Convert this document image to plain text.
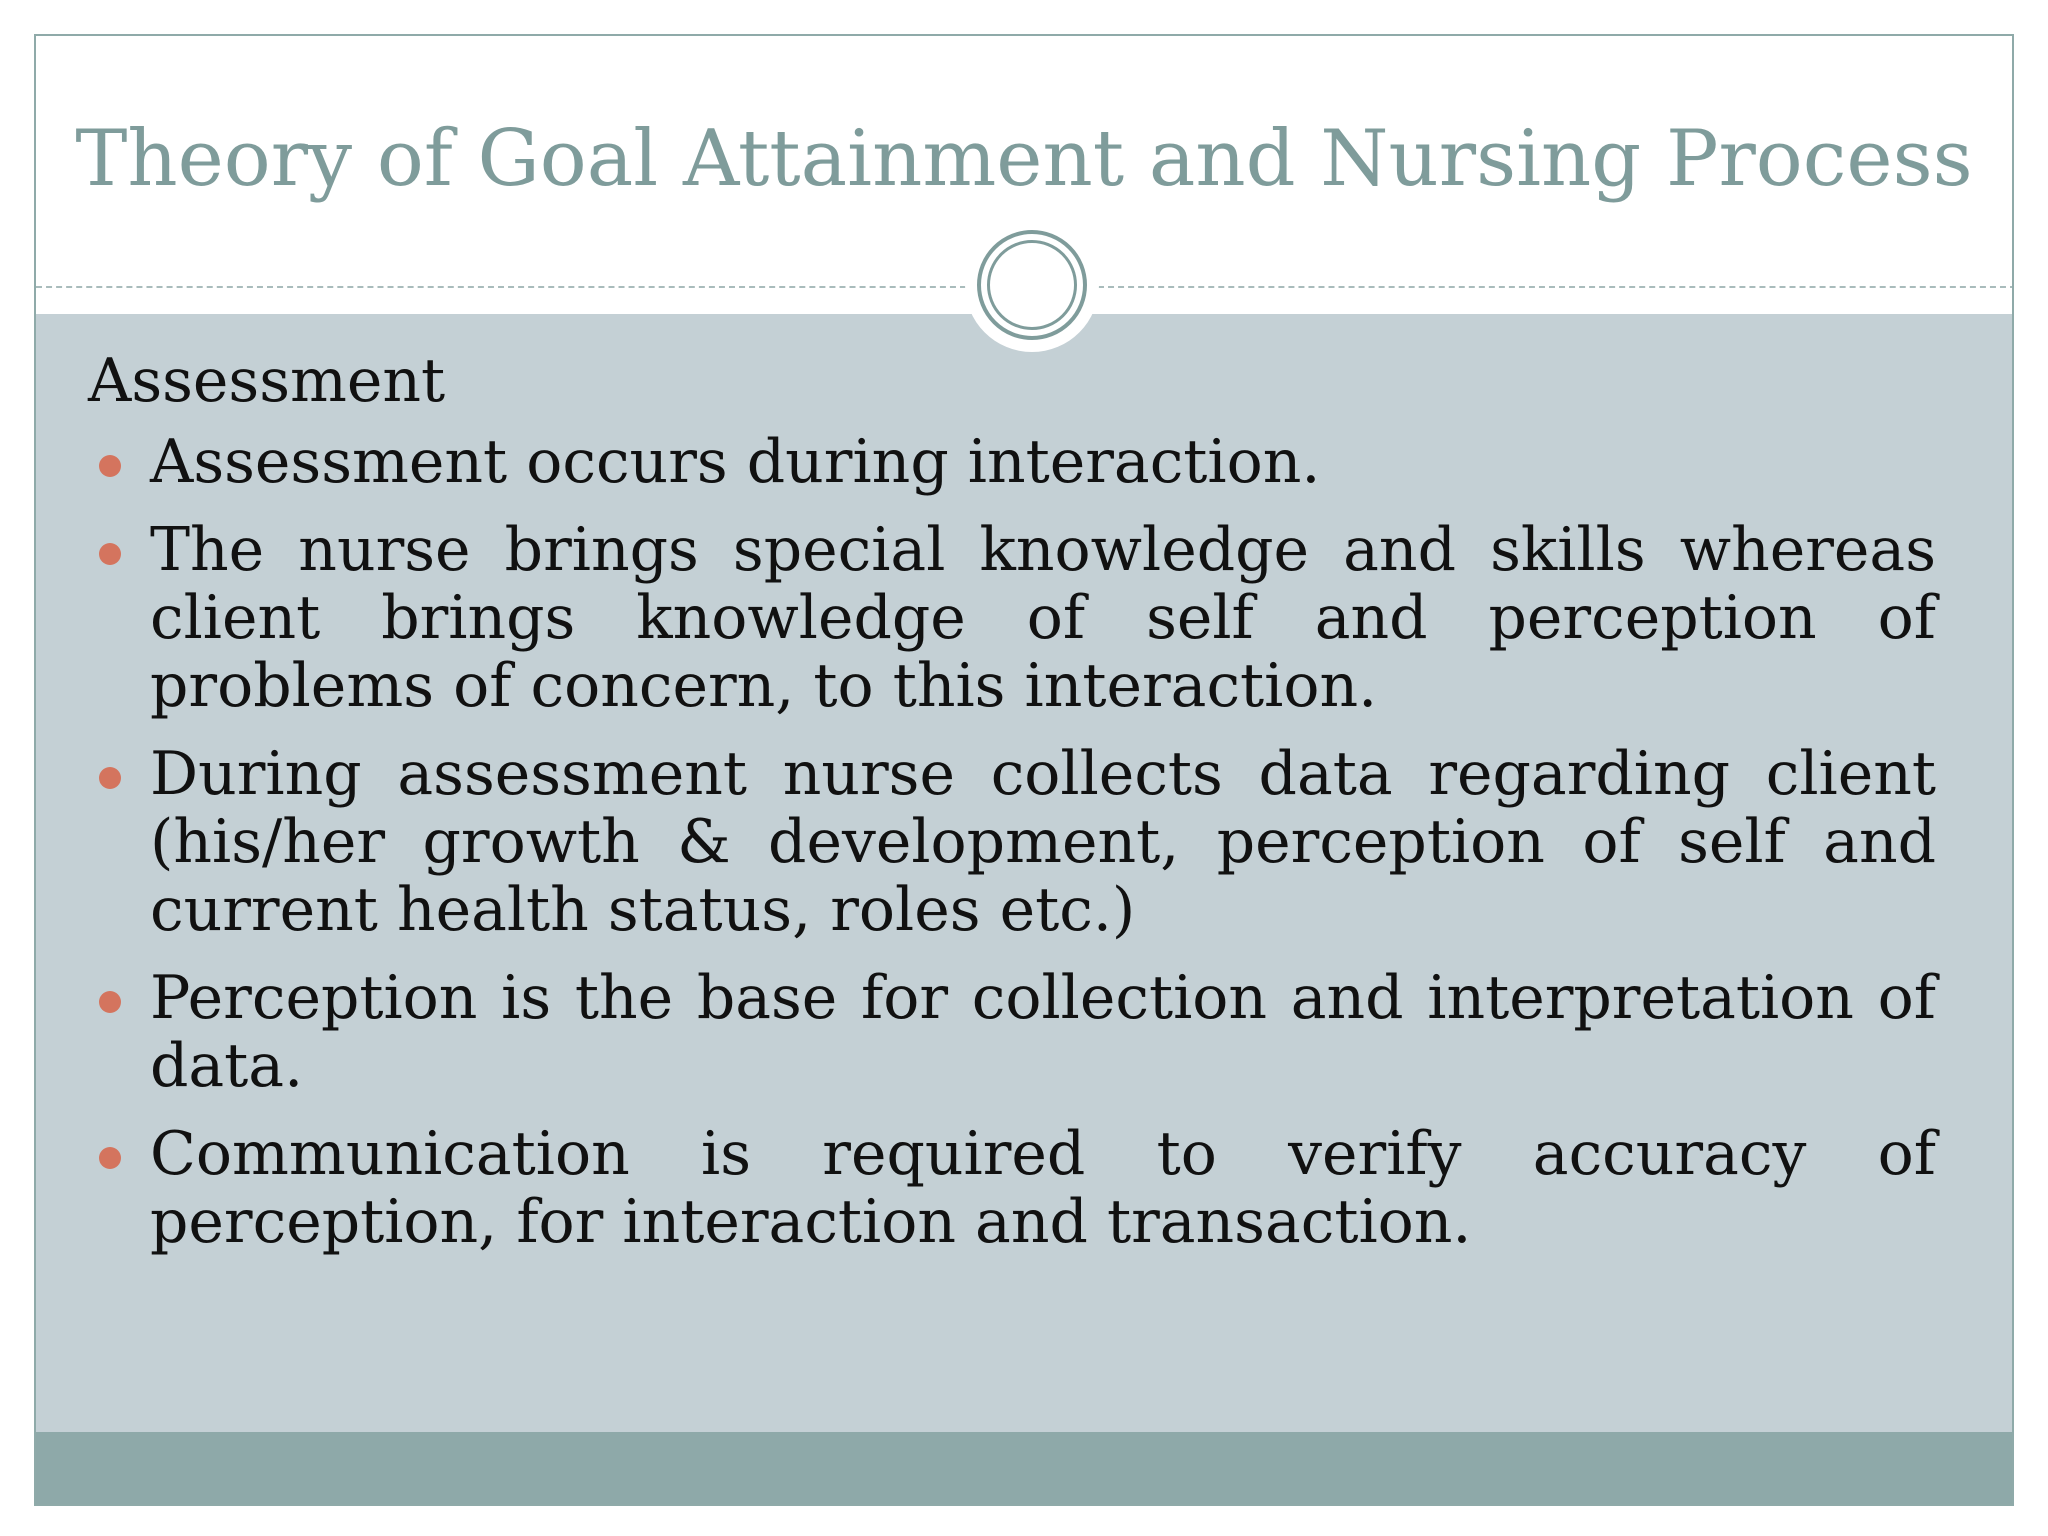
Theory of Goal Attainment and Nursing Process
Assessment
Assessment occurs during interaction.
The nurse brings special knowledge and skills whereas client brings knowledge of self and perception of problems of concern, to this interaction.
During assessment nurse collects data regarding client (his/her growth & development, perception of self and current health status, roles etc.)
Perception is the base for collection and interpretation of data.
Communication is required to verify accuracy of perception, for interaction and transaction.
